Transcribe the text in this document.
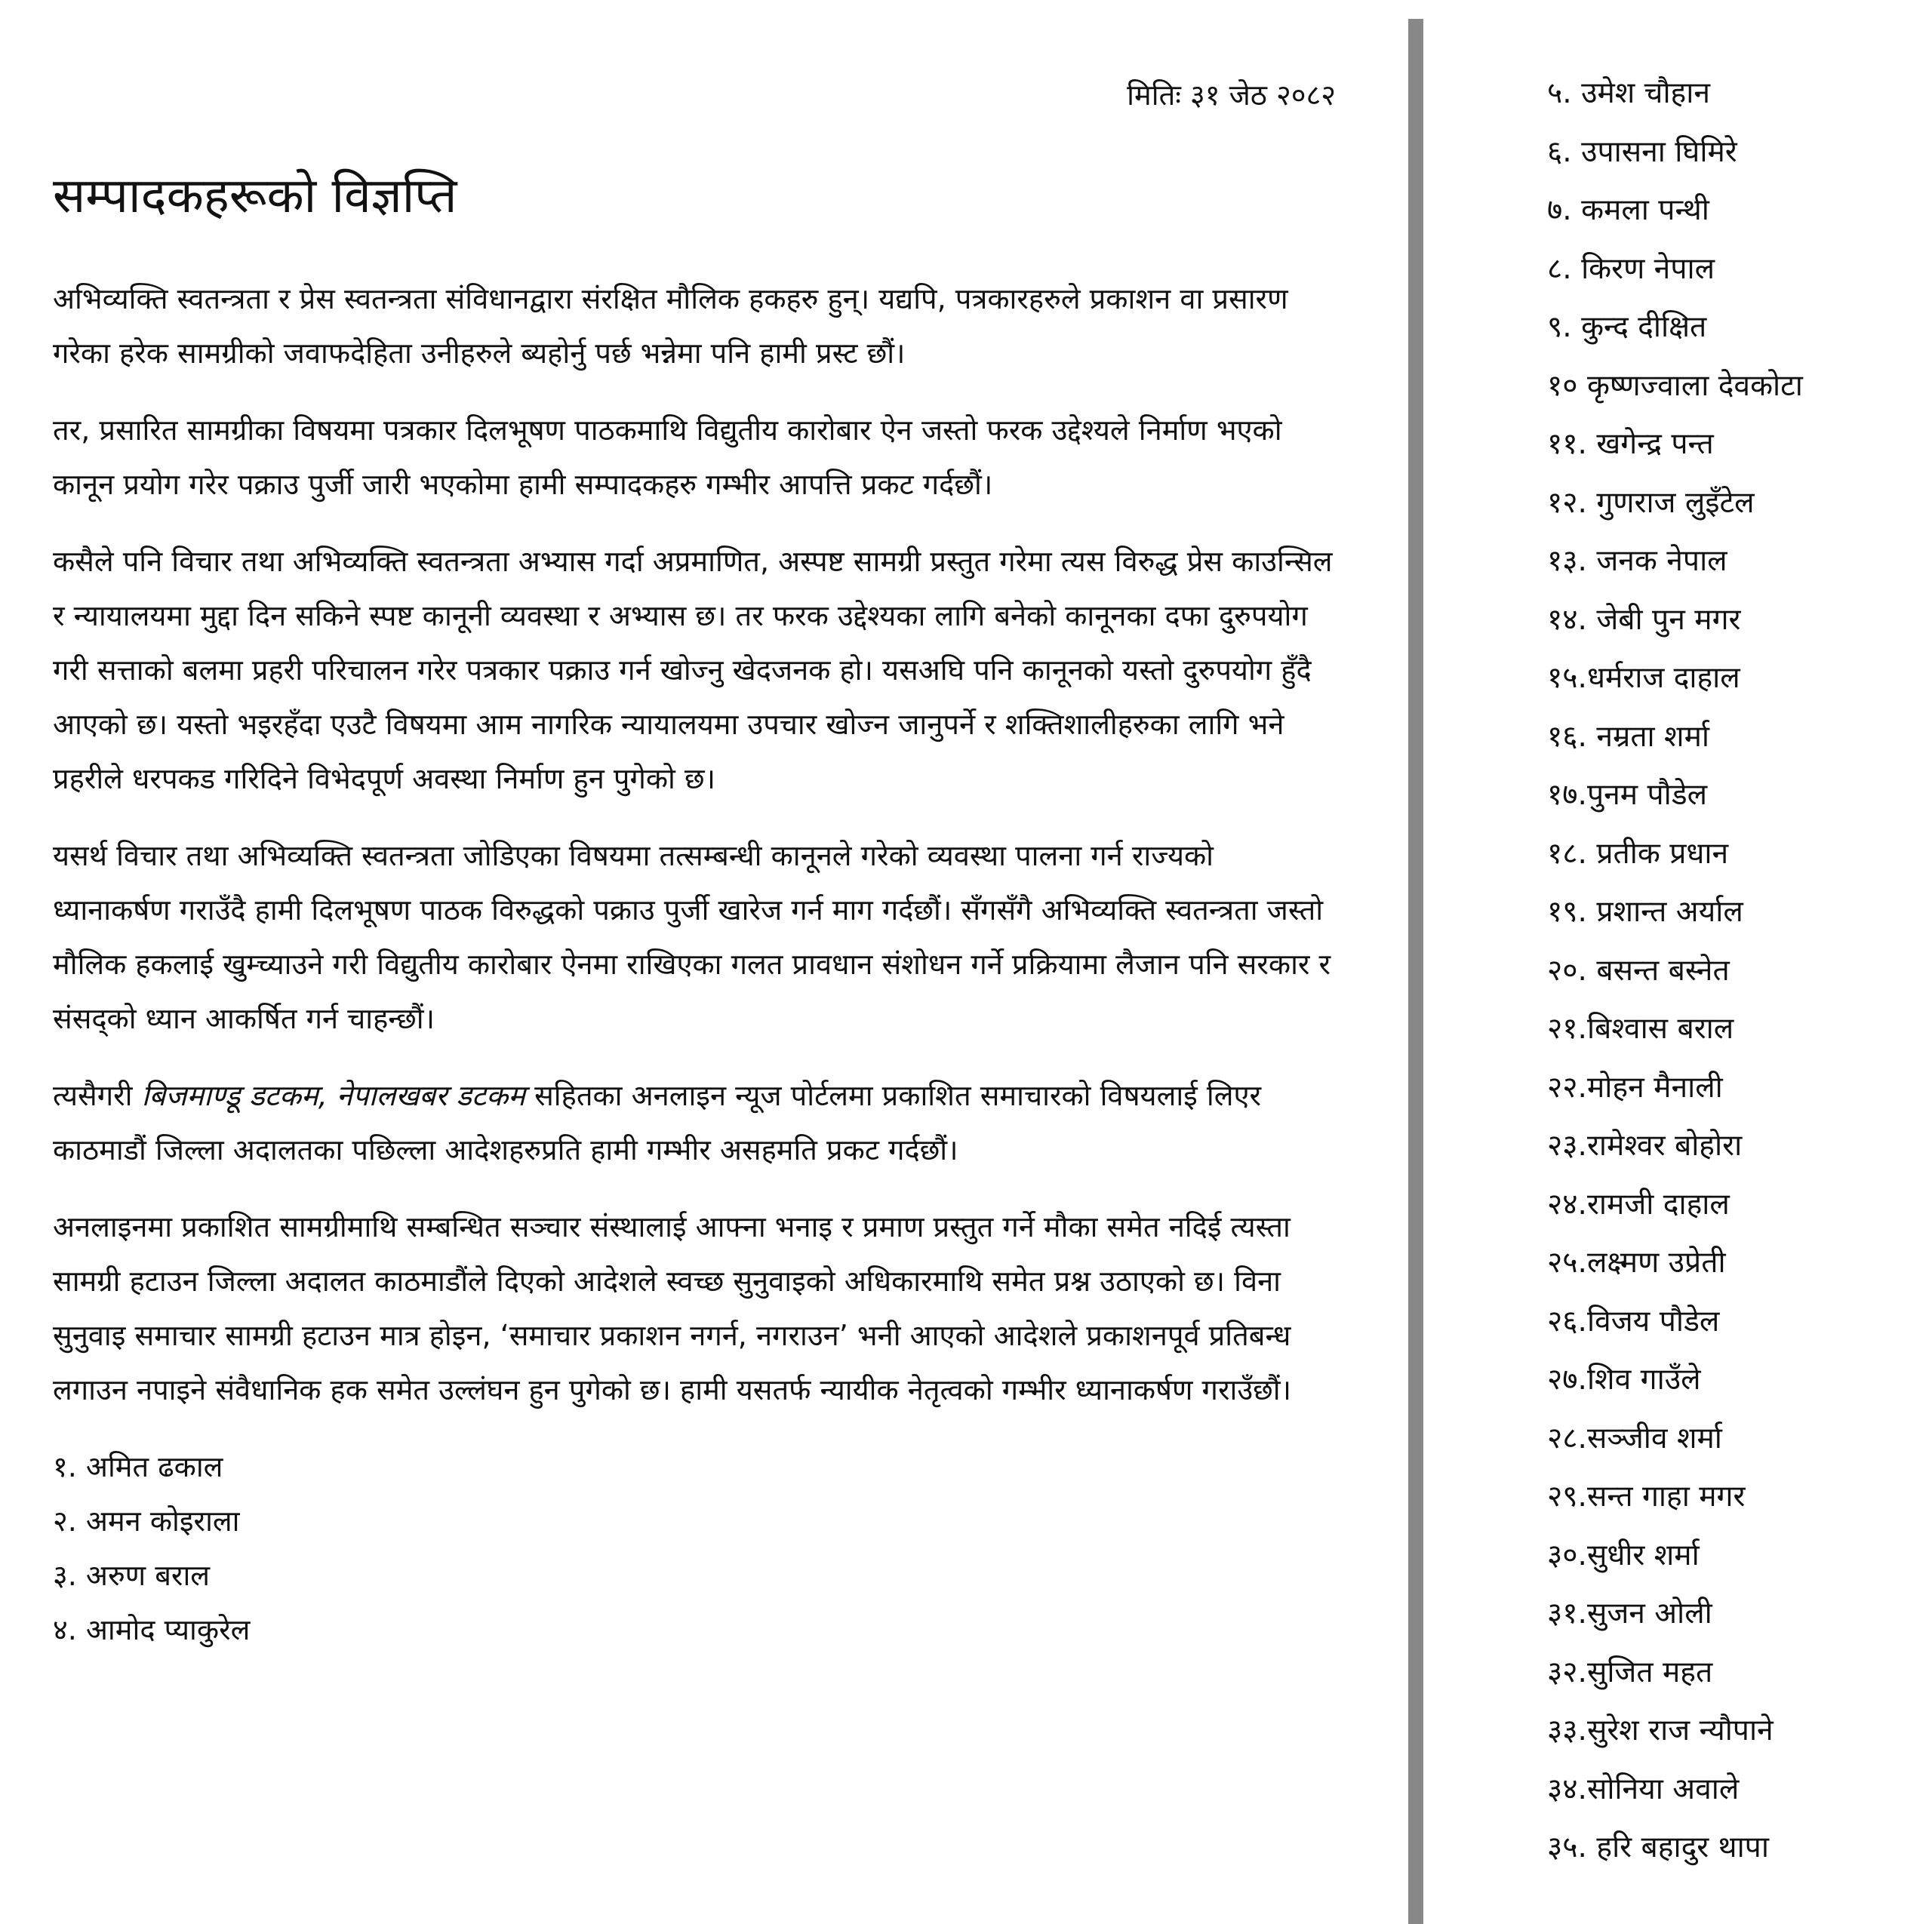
मितिः ३१ जेठ २०८२
सम्पादकहरूको विज्ञप्ति

अभिव्यक्ति स्वतन्त्रता र प्रेस स्वतन्त्रता संविधानद्वारा संरक्षित मौलिक हकहरु हुन्। यद्यपि, पत्रकारहरुले प्रकाशन वा प्रसारण गरेका हरेक सामग्रीको जवाफदेहिता उनीहरुले ब्यहोर्नु पर्छ भन्नेमा पनि हामी प्रस्ट छौं।

तर, प्रसारित सामग्रीका विषयमा पत्रकार दिलभूषण पाठकमाथि विद्युतीय कारोबार ऐन जस्तो फरक उद्देश्यले निर्माण भएको कानून प्रयोग गरेर पक्राउ पुर्जी जारी भएकोमा हामी सम्पादकहरु गम्भीर आपत्ति प्रकट गर्दछौं।

कसैले पनि विचार तथा अभिव्यक्ति स्वतन्त्रता अभ्यास गर्दा अप्रमाणित, अस्पष्ट सामग्री प्रस्तुत गरेमा त्यस विरुद्ध प्रेस काउन्सिल र न्यायालयमा मुद्दा दिन सकिने स्पष्ट कानूनी व्यवस्था र अभ्यास छ। तर फरक उद्देश्यका लागि बनेको कानूनका दफा दुरुपयोग गरी सत्ताको बलमा प्रहरी परिचालन गरेर पत्रकार पक्राउ गर्न खोज्नु खेदजनक हो। यसअघि पनि कानूनको यस्तो दुरुपयोग हुँदै आएको छ। यस्तो भइरहँदा एउटै विषयमा आम नागरिक न्यायालयमा उपचार खोज्न जानुपर्ने र शक्तिशालीहरुका लागि भने प्रहरीले धरपकड गरिदिने विभेदपूर्ण अवस्था निर्माण हुन पुगेको छ।

यसर्थ विचार तथा अभिव्यक्ति स्वतन्त्रता जोडिएका विषयमा तत्सम्बन्धी कानूनले गरेको व्यवस्था पालना गर्न राज्यको ध्यानाकर्षण गराउँदै हामी दिलभूषण पाठक विरुद्धको पक्राउ पुर्जी खारेज गर्न माग गर्दछौं। सँगसँगै अभिव्यक्ति स्वतन्त्रता जस्तो मौलिक हकलाई खुम्च्याउने गरी विद्युतीय कारोबार ऐनमा राखिएका गलत प्रावधान संशोधन गर्ने प्रक्रियामा लैजान पनि सरकार र संसद्को ध्यान आकर्षित गर्न चाहन्छौं।

त्यसैगरी बिजमाण्डू डटकम, नेपालखबर डटकम सहितका अनलाइन न्यूज पोर्टलमा प्रकाशित समाचारको विषयलाई लिएर काठमाडौं जिल्ला अदालतका पछिल्ला आदेशहरुप्रति हामी गम्भीर असहमति प्रकट गर्दछौं।

अनलाइनमा प्रकाशित सामग्रीमाथि सम्बन्धित सञ्चार संस्थालाई आफ्ना भनाइ र प्रमाण प्रस्तुत गर्ने मौका समेत नदिई त्यस्ता सामग्री हटाउन जिल्ला अदालत काठमाडौंले दिएको आदेशले स्वच्छ सुनुवाइको अधिकारमाथि समेत प्रश्न उठाएको छ। विना सुनुवाइ समाचार सामग्री हटाउन मात्र होइन, ‘समाचार प्रकाशन नगर्न, नगराउन’ भनी आएको आदेशले प्रकाशनपूर्व प्रतिबन्ध लगाउन नपाइने संवैधानिक हक समेत उल्लंघन हुन पुगेको छ। हामी यसतर्फ न्यायीक नेतृत्वको गम्भीर ध्यानाकर्षण गराउँछौं।

१. अमित ढकाल
२. अमन कोइराला
३. अरुण बराल
४. आमोद प्याकुरेल
५. उमेश चौहान
६. उपासना घिमिरे
७. कमला पन्थी
८. किरण नेपाल
९. कुन्द दीक्षित
१० कृष्णज्वाला देवकोटा
११. खगेन्द्र पन्त
१२. गुणराज लुइँटेल
१३. जनक नेपाल
१४. जेबी पुन मगर
१५.धर्मराज दाहाल
१६. नम्रता शर्मा
१७.पुनम पौडेल
१८. प्रतीक प्रधान
१९. प्रशान्त अर्याल
२०. बसन्त बस्नेत
२१.बिश्वास बराल
२२.मोहन मैनाली
२३.रामेश्वर बोहोरा
२४.रामजी दाहाल
२५.लक्ष्मण उप्रेती
२६.विजय पौडेल
२७.शिव गाउँले
२८.सञ्जीव शर्मा
२९.सन्त गाहा मगर
३०.सुधीर शर्मा
३१.सुजन ओली
३२.सुजित महत
३३.सुरेश राज न्यौपाने
३४.सोनिया अवाले
३५. हरि बहादुर थापा
